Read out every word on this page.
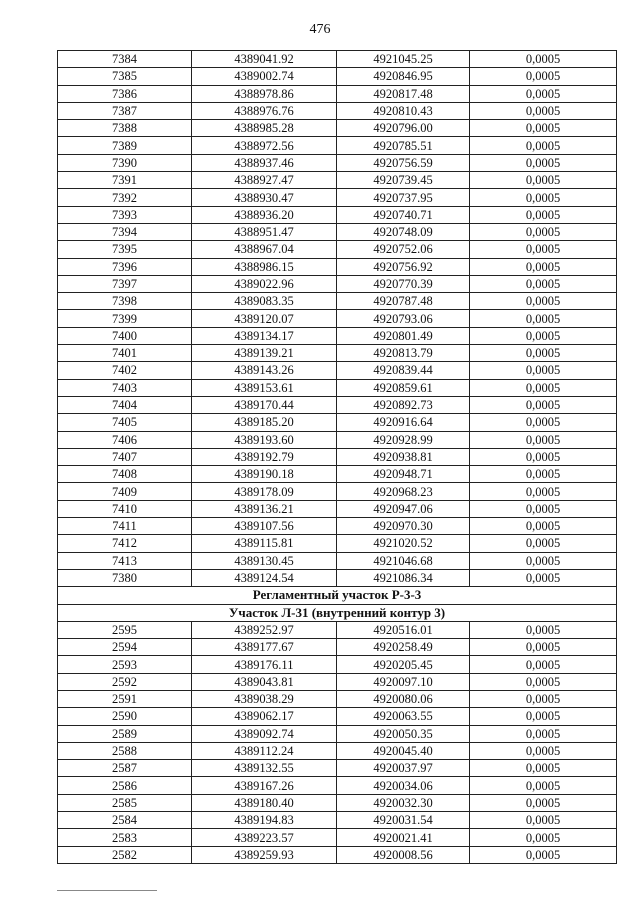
476
7384	4389041.92	4921045.25	0,0005
7385	4389002.74	4920846.95	0,0005
7386	4388978.86	4920817.48	0,0005
7387	4388976.76	4920810.43	0,0005
7388	4388985.28	4920796.00	0,0005
7389	4388972.56	4920785.51	0,0005
7390	4388937.46	4920756.59	0,0005
7391	4388927.47	4920739.45	0,0005
7392	4388930.47	4920737.95	0,0005
7393	4388936.20	4920740.71	0,0005
7394	4388951.47	4920748.09	0,0005
7395	4388967.04	4920752.06	0,0005
7396	4388986.15	4920756.92	0,0005
7397	4389022.96	4920770.39	0,0005
7398	4389083.35	4920787.48	0,0005
7399	4389120.07	4920793.06	0,0005
7400	4389134.17	4920801.49	0,0005
7401	4389139.21	4920813.79	0,0005
7402	4389143.26	4920839.44	0,0005
7403	4389153.61	4920859.61	0,0005
7404	4389170.44	4920892.73	0,0005
7405	4389185.20	4920916.64	0,0005
7406	4389193.60	4920928.99	0,0005
7407	4389192.79	4920938.81	0,0005
7408	4389190.18	4920948.71	0,0005
7409	4389178.09	4920968.23	0,0005
7410	4389136.21	4920947.06	0,0005
7411	4389107.56	4920970.30	0,0005
7412	4389115.81	4921020.52	0,0005
7413	4389130.45	4921046.68	0,0005
7380	4389124.54	4921086.34	0,0005
Регламентный участок Р-3-3			
Участок Л-31 (внутренний контур 3)			
2595	4389252.97	4920516.01	0,0005
2594	4389177.67	4920258.49	0,0005
2593	4389176.11	4920205.45	0,0005
2592	4389043.81	4920097.10	0,0005
2591	4389038.29	4920080.06	0,0005
2590	4389062.17	4920063.55	0,0005
2589	4389092.74	4920050.35	0,0005
2588	4389112.24	4920045.40	0,0005
2587	4389132.55	4920037.97	0,0005
2586	4389167.26	4920034.06	0,0005
2585	4389180.40	4920032.30	0,0005
2584	4389194.83	4920031.54	0,0005
2583	4389223.57	4920021.41	0,0005
2582	4389259.93	4920008.56	0,0005
